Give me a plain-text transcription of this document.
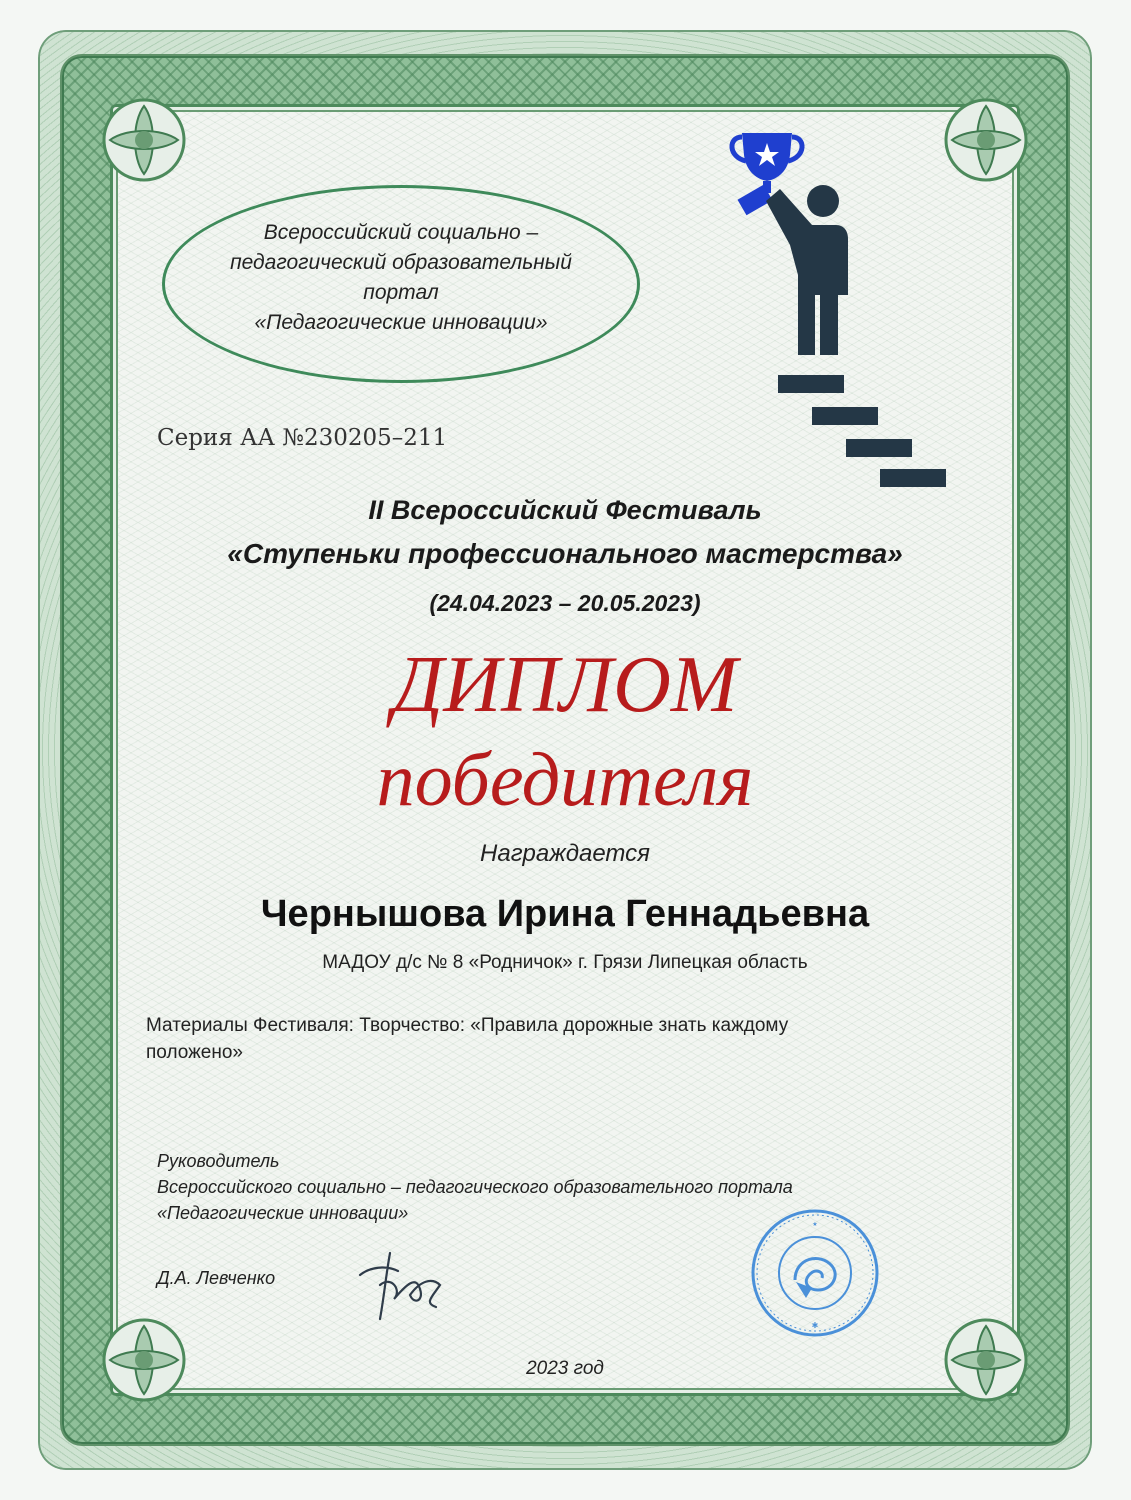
Всероссийский социально –
педагогический образовательный
портал
«Педагогические инновации»
Серия АА №230205–211
II Всероссийский Фестиваль
«Ступеньки профессионального мастерства»
(24.04.2023 – 20.05.2023)
ДИПЛОМ
победителя
Награждается
Чернышова Ирина Геннадьевна
МАДОУ д/с № 8 «Родничок» г. Грязи Липецкая область
Материалы Фестиваля: Творчество: «Правила дорожные знать каждому
положено»
Руководитель
Всероссийского социально – педагогического образовательного портала
«Педагогические инновации»
Д.А. Левченко
★
✱
2023 год
